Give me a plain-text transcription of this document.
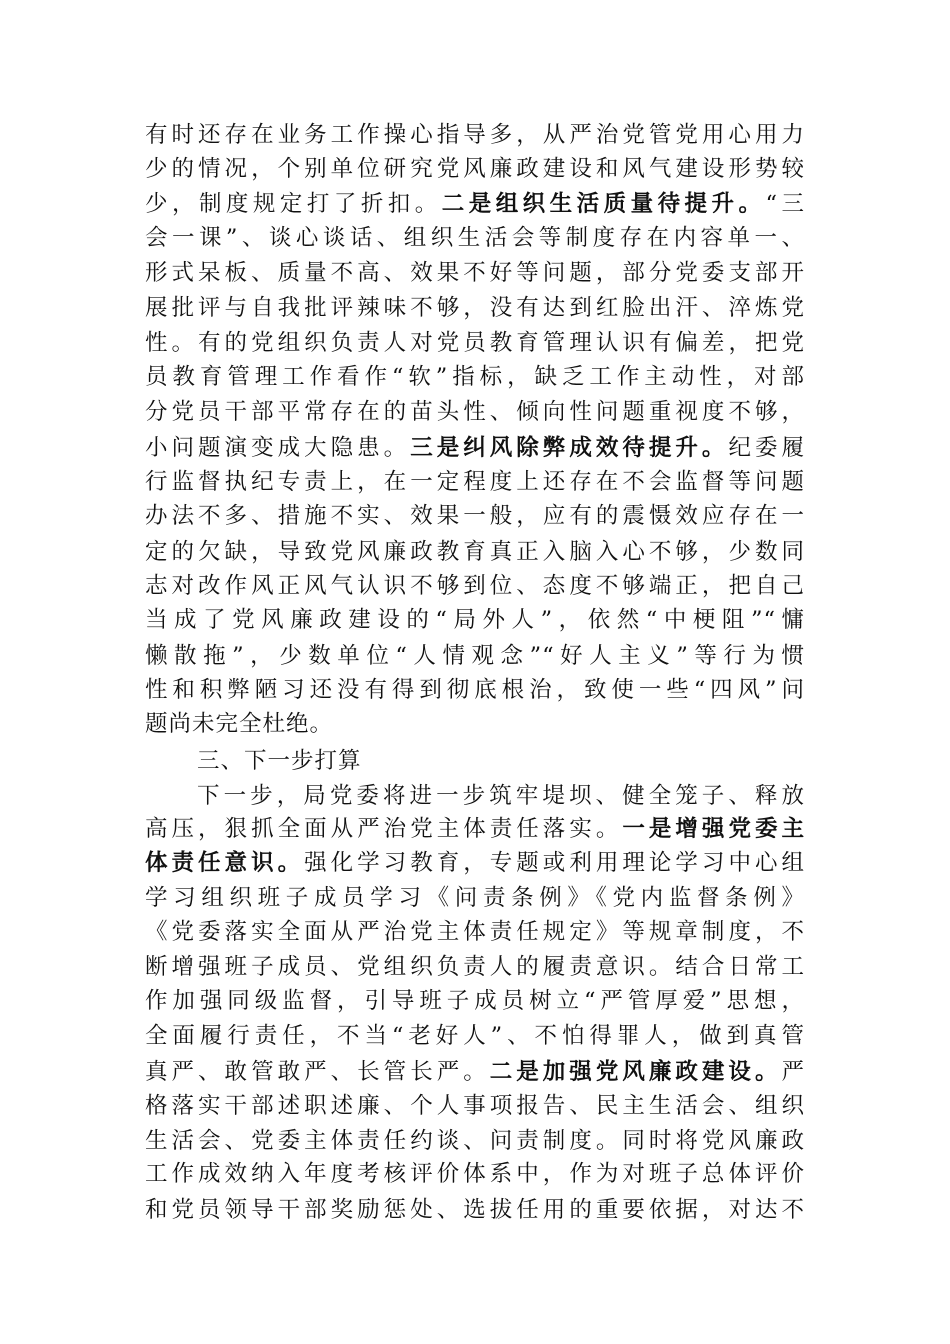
有时还存在业务工作操心指导多，从严治党管党用心用力
少的情况，个别单位研究党风廉政建设和风气建设形势较
少，制度规定打了折扣。二是组织生活质量待提升。“三
会一课”、谈心谈话、组织生活会等制度存在内容单一、
形式呆板、质量不高、效果不好等问题，部分党委支部开
展批评与自我批评辣味不够，没有达到红脸出汗、淬炼党
性。有的党组织负责人对党员教育管理认识有偏差，把党
员教育管理工作看作“软”指标，缺乏工作主动性，对部
分党员干部平常存在的苗头性、倾向性问题重视度不够，
小问题演变成大隐患。三是纠风除弊成效待提升。纪委履
行监督执纪专责上，在一定程度上还存在不会监督等问题
办法不多、措施不实、效果一般，应有的震慑效应存在一
定的欠缺，导致党风廉政教育真正入脑入心不够，少数同
志对改作风正风气认识不够到位、态度不够端正，把自己
当成了党风廉政建设的“局外人”，依然“中梗阻”“慵
懒散拖”，少数单位“人情观念”“好人主义”等行为惯
性和积弊陋习还没有得到彻底根治，致使一些“四风”问
题尚未完全杜绝。
三、下一步打算
下一步，局党委将进一步筑牢堤坝、健全笼子、释放
高压，狠抓全面从严治党主体责任落实。一是增强党委主
体责任意识。强化学习教育，专题或利用理论学习中心组
学习组织班子成员学习《问责条例》《党内监督条例》
《党委落实全面从严治党主体责任规定》等规章制度，不
断增强班子成员、党组织负责人的履责意识。结合日常工
作加强同级监督，引导班子成员树立“严管厚爱”思想，
全面履行责任，不当“老好人”、不怕得罪人，做到真管
真严、敢管敢严、长管长严。二是加强党风廉政建设。严
格落实干部述职述廉、个人事项报告、民主生活会、组织
生活会、党委主体责任约谈、问责制度。同时将党风廉政
工作成效纳入年度考核评价体系中，作为对班子总体评价
和党员领导干部奖励惩处、选拔任用的重要依据，对达不
